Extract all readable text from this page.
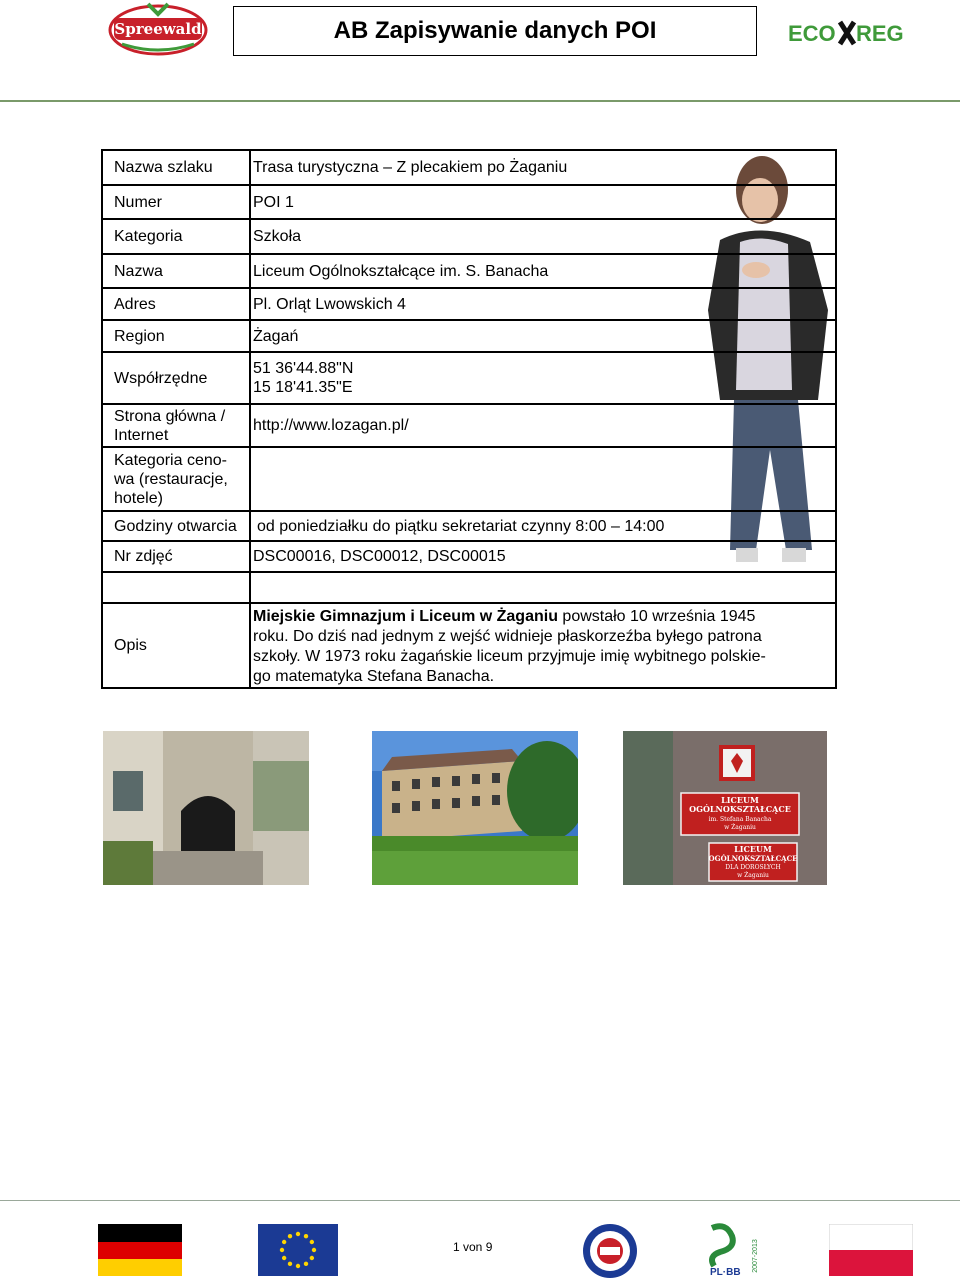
Spreewald	AB Zapisywanie danych POI	ECO REG
Nazwa szlaku	Trasa turystyczna – Z plecakiem po Żaganiu
Numer	POI 1
Kategoria	Szkoła
Nazwa	Liceum Ogólnokształcące im. S. Banacha
Adres	Pl. Orląt Lwowskich 4
Region	Żagań
Współrzędne	51 36'44.88"N
15 18'41.35"E

Strona główna /
Internet	http://www.lozagan.pl/

Kategoria ceno-
wa (restauracje,
hotele)	

Godziny otwarcia	od poniedziałku do piątku sekretariat czynny 8:00 – 14:00
Nr zdjęć	DSC00016, DSC00012, DSC00015

Opis	Miejskie Gimnazjum i Liceum w Żaganiu powstało 10 września 1945
roku. Do dziś nad jednym z wejść widnieje płaskorzeźba byłego patrona
szkoły. W 1973 roku żagańskie liceum przyjmuje imię wybitnego polskie-
go matematyka Stefana Banacha.
LICEUM
OGÓLNOKSZTAŁCĄCE
im. Stefana Banacha
w Żaganiu
LICEUM
OGÓLNOKSZTAŁCĄCE
DLA DOROSŁYCH
w Żaganiu
1 von 9
PL·BB 2007-2013
